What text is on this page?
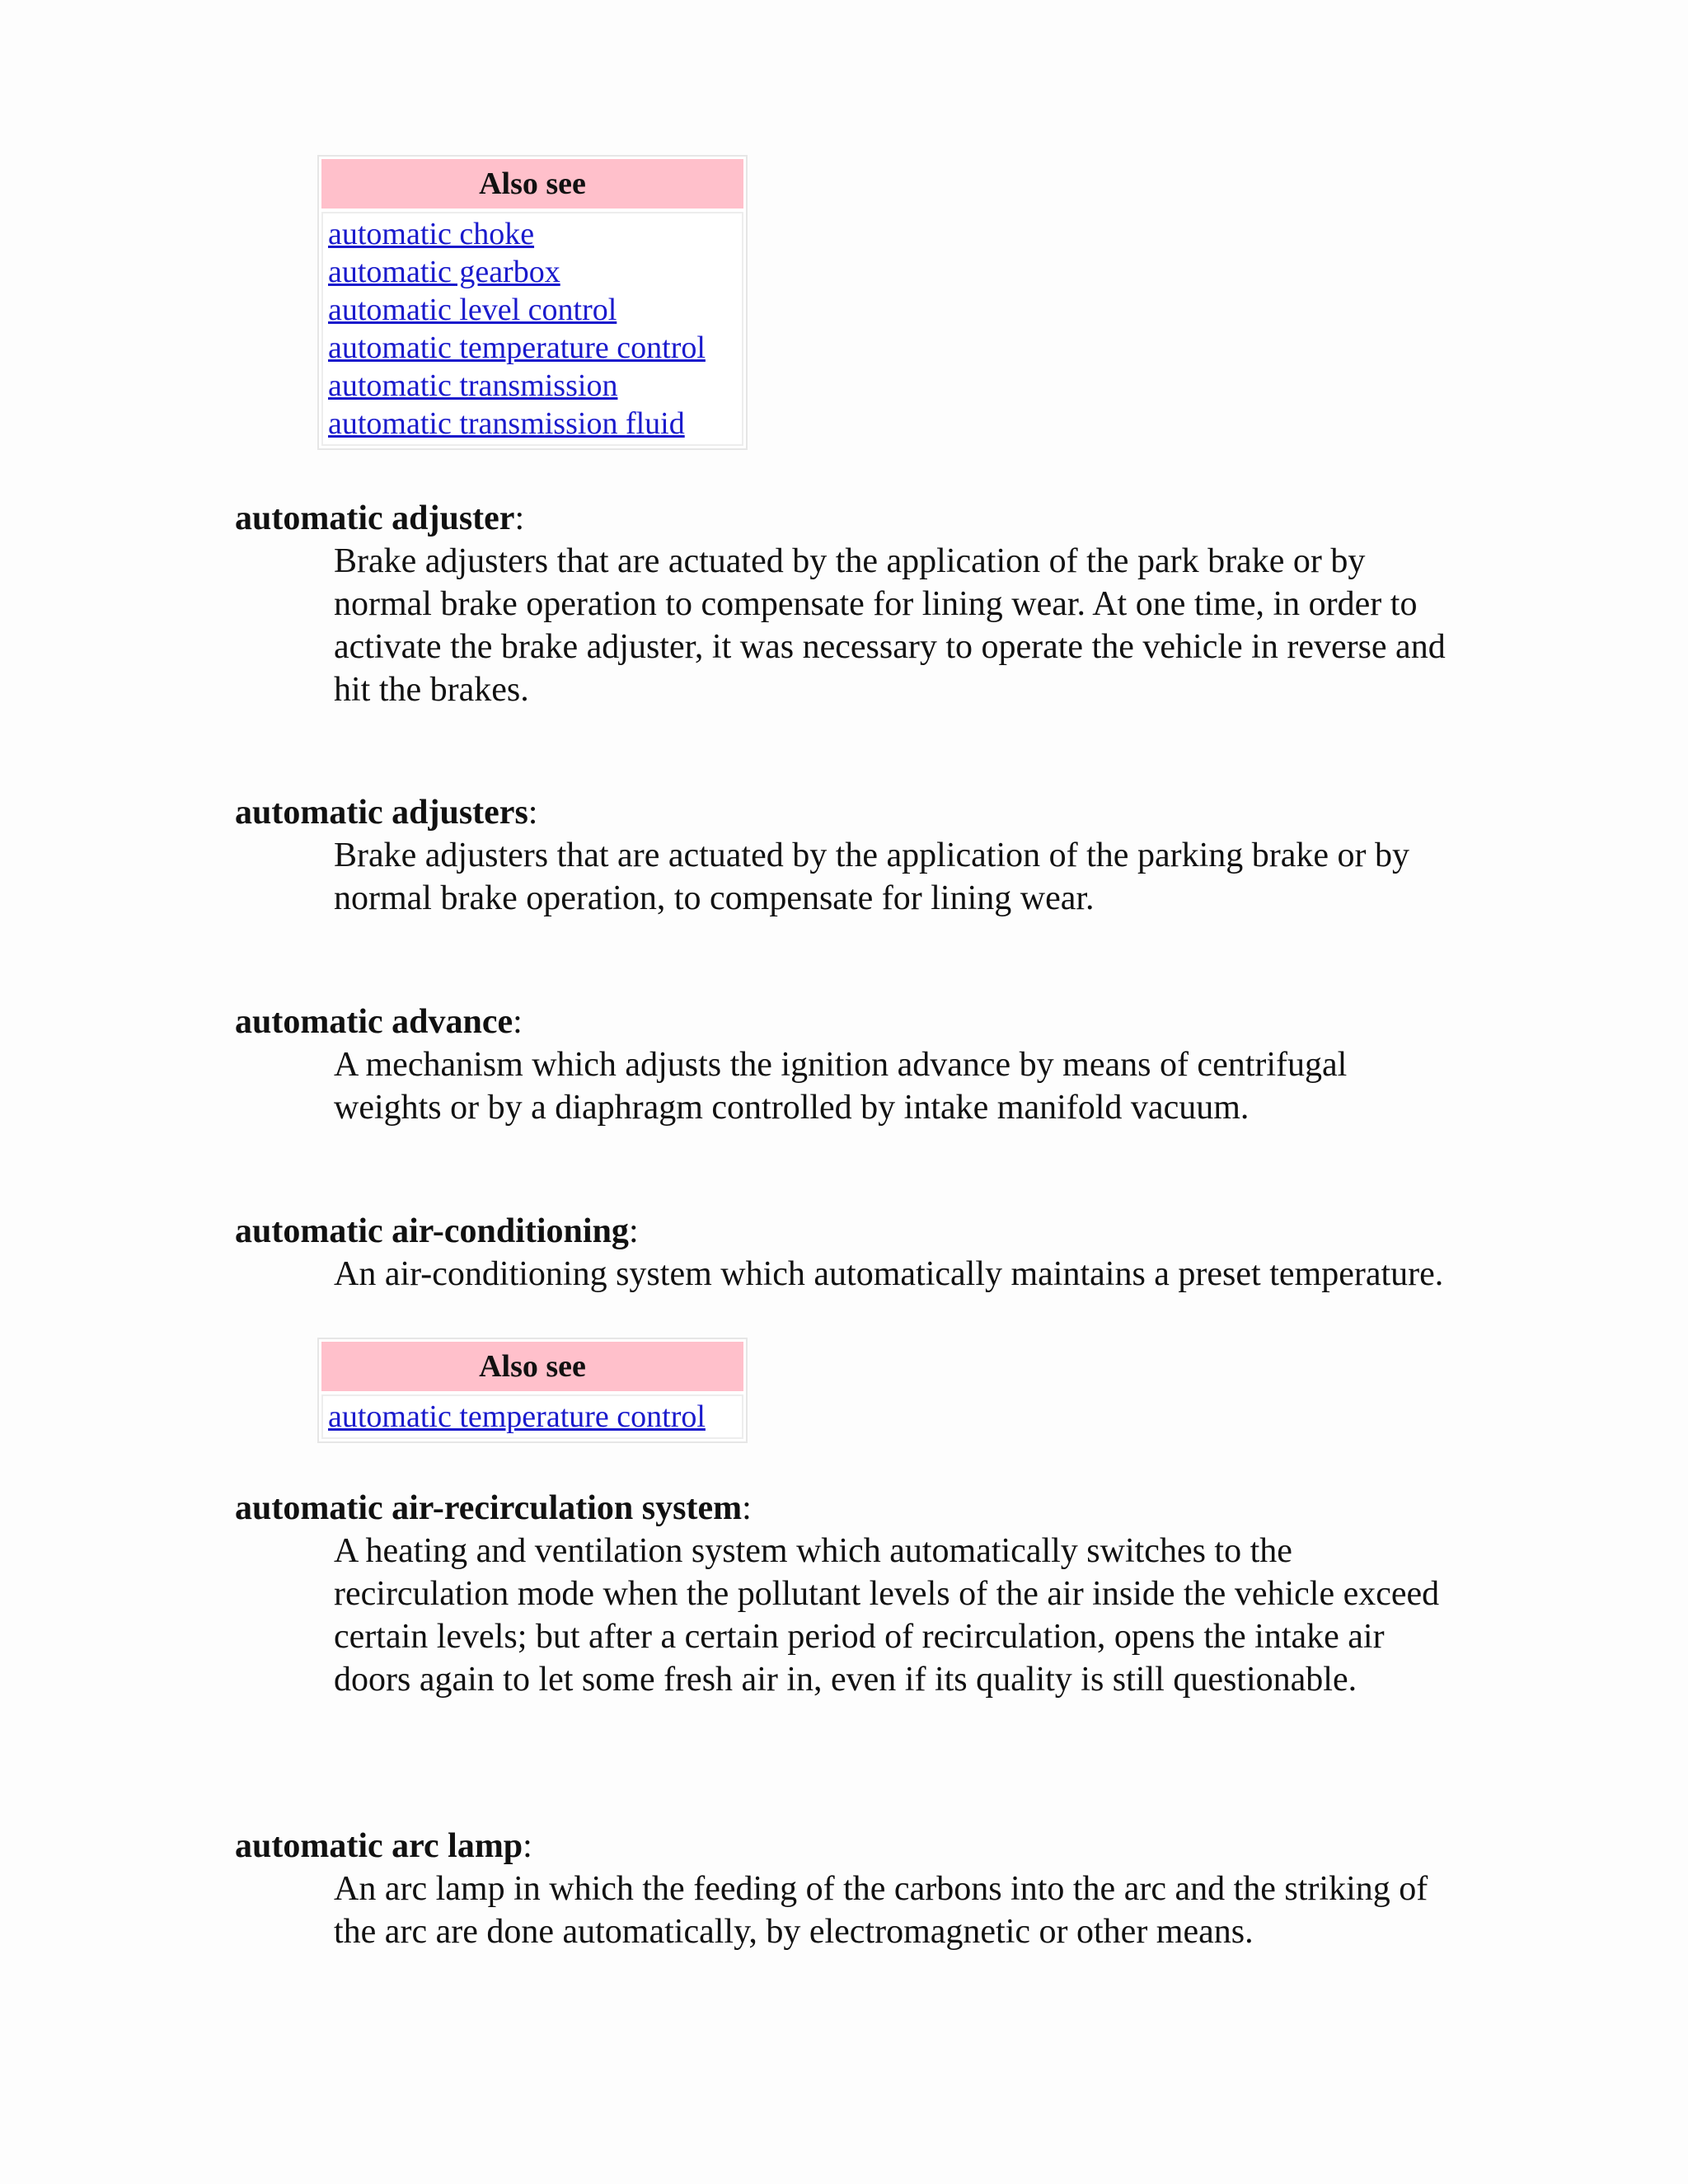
Also see
automatic choke
automatic gearbox
automatic level control
automatic temperature control
automatic transmission
automatic transmission fluid
automatic adjuster:
Brake adjusters that are actuated by the application of the park brake or by normal brake operation to compensate for lining wear. At one time, in order to activate the brake adjuster, it was necessary to operate the vehicle in reverse and hit the brakes.
automatic adjusters:
Brake adjusters that are actuated by the application of the parking brake or by normal brake operation, to compensate for lining wear.
automatic advance:
A mechanism which adjusts the ignition advance by means of centrifugal weights or by a diaphragm controlled by intake manifold vacuum.
automatic air-conditioning:
An air-conditioning system which automatically maintains a preset temperature.
Also see
automatic temperature control
automatic air-recirculation system:
A heating and ventilation system which automatically switches to the recirculation mode when the pollutant levels of the air inside the vehicle exceed certain levels; but after a certain period of recirculation, opens the intake air doors again to let some fresh air in, even if its quality is still questionable.
automatic arc lamp:
An arc lamp in which the feeding of the carbons into the arc and the striking of the arc are done automatically, by electromagnetic or other means.
